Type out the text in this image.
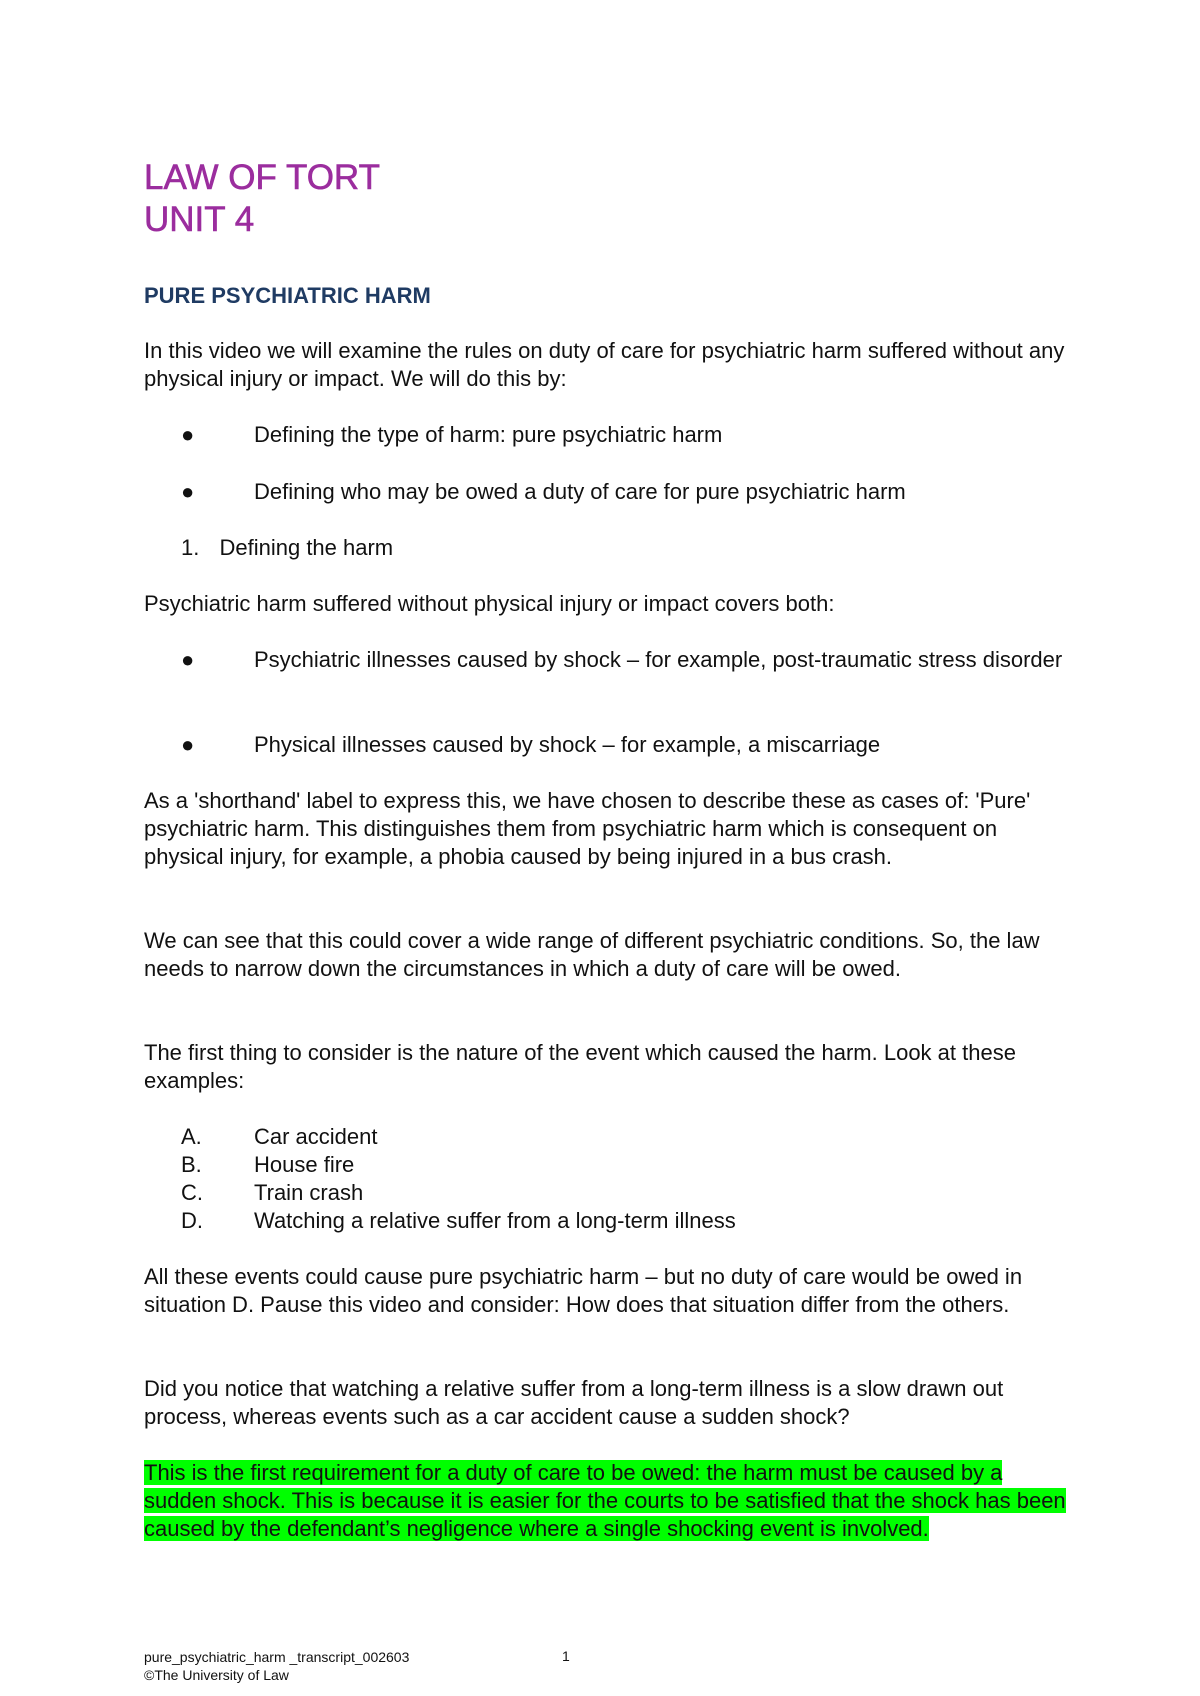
LAW OF TORT
UNIT 4
PURE PSYCHIATRIC HARM

In this video we will examine the rules on duty of care for psychiatric harm suffered without any physical injury or impact. We will do this by:

●	Defining the type of harm: pure psychiatric harm
●	Defining who may be owed a duty of care for pure psychiatric harm
1. Defining the harm

Psychiatric harm suffered without physical injury or impact covers both:

●	Psychiatric illnesses caused by shock – for example, post-traumatic stress disorder
●	Physical illnesses caused by shock – for example, a miscarriage

As a 'shorthand' label to express this, we have chosen to describe these as cases of: 'Pure' psychiatric harm. This distinguishes them from psychiatric harm which is consequent on physical injury, for example, a phobia caused by being injured in a bus crash.

We can see that this could cover a wide range of different psychiatric conditions. So, the law needs to narrow down the circumstances in which a duty of care will be owed.

The first thing to consider is the nature of the event which caused the harm. Look at these examples:

A. Car accident
B. House fire
C. Train crash
D. Watching a relative suffer from a long-term illness

All these events could cause pure psychiatric harm – but no duty of care would be owed in situation D. Pause this video and consider: How does that situation differ from the others.

Did you notice that watching a relative suffer from a long-term illness is a slow drawn out process, whereas events such as a car accident cause a sudden shock?

This is the first requirement for a duty of care to be owed: the harm must be caused by a sudden shock. This is because it is easier for the courts to be satisfied that the shock has been caused by the defendant’s negligence where a single shocking event is involved.

pure_psychiatric_harm _transcript_002603	1
©The University of Law
